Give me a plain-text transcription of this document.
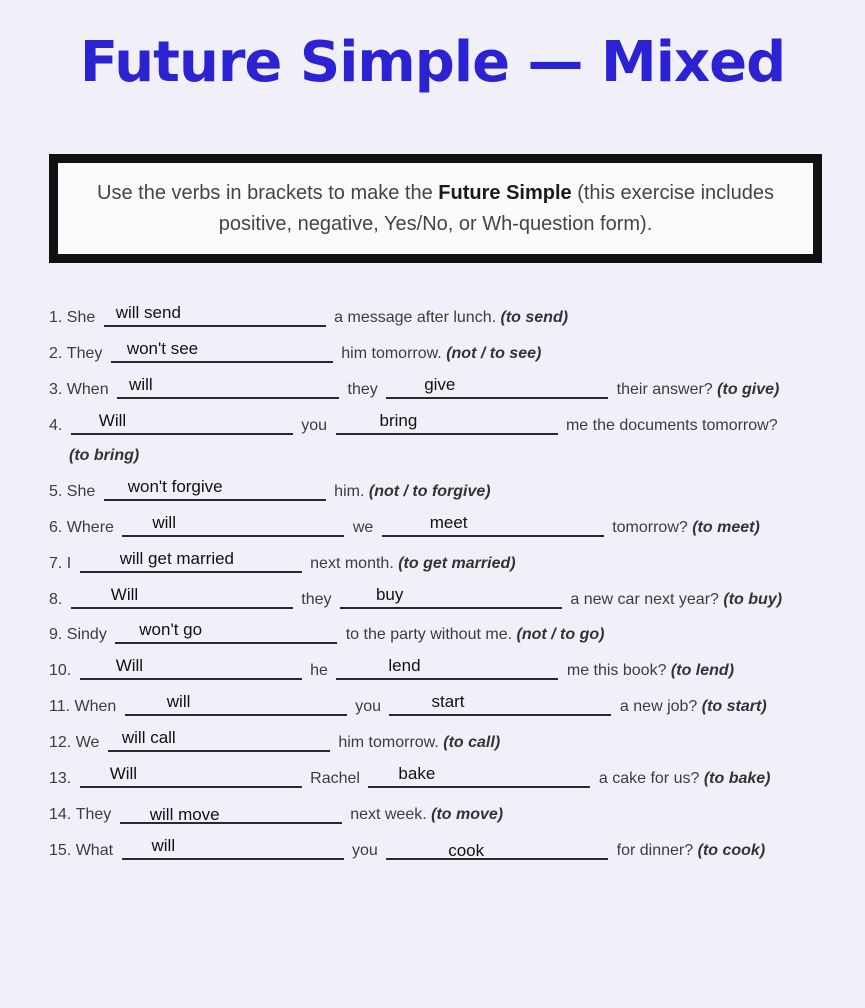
Future Simple — Mixed
Use the verbs in brackets to make the Future Simple (this exercise includes positive, negative, Yes/No, or Wh-question form).
1. She will send	a message after lunch. (to send)
2. They won't see	him tomorrow. (not / to see)
3. When will	they	give	their answer? (to give)
4. Will	you	bring	me the documents tomorrow?
(to bring)
5. She won't forgive	him. (not / to forgive)
6. Where will	we	meet	tomorrow? (to meet)
7. I	will get married	next month. (to get married)
8.	Will	they	buy	a new car next year? (to buy)
9. Sindy won't go	to the party without me. (not / to go)
10.	Will	he	lend	me this book? (to lend)
11. When	will	you	start	a new job? (to start)
12. We will call	him tomorrow. (to call)
13. Will	Rachel bake	a cake for us? (to bake)
14. They will move	next week. (to move)
15. What will	you	cook	for dinner? (to cook)
